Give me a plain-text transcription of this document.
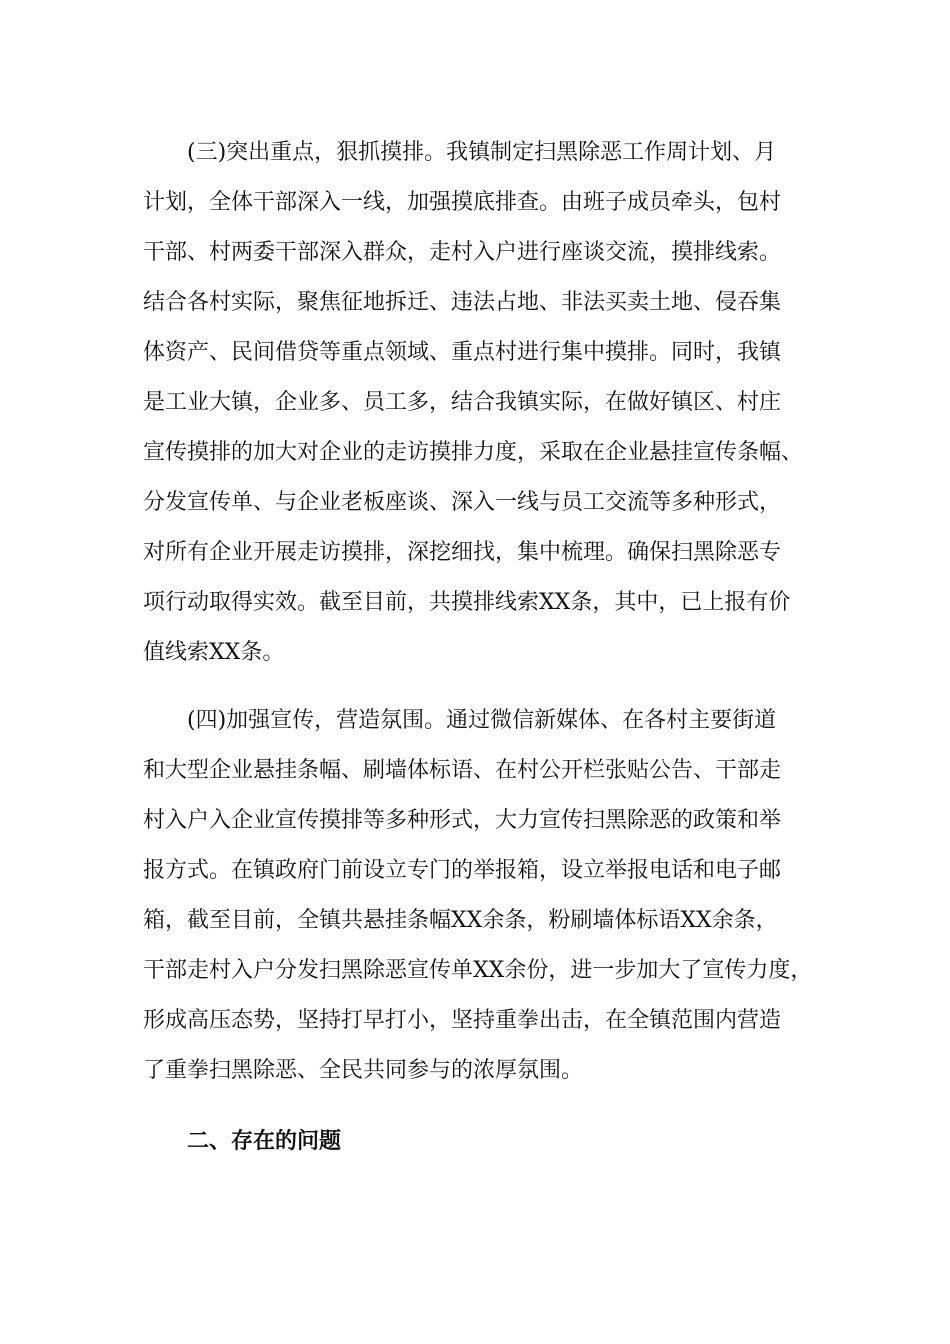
(三)突出重点，狠抓摸排。我镇制定扫黑除恶工作周计划、月
计划，全体干部深入一线，加强摸底排查。由班子成员牵头，包村
干部、村两委干部深入群众，走村入户进行座谈交流，摸排线索。
结合各村实际，聚焦征地拆迁、违法占地、非法买卖土地、侵吞集
体资产、民间借贷等重点领域、重点村进行集中摸排。同时，我镇
是工业大镇，企业多、员工多，结合我镇实际，在做好镇区、村庄
宣传摸排的加大对企业的走访摸排力度，采取在企业悬挂宣传条幅、
分发宣传单、与企业老板座谈、深入一线与员工交流等多种形式，
对所有企业开展走访摸排，深挖细找，集中梳理。确保扫黑除恶专
项行动取得实效。截至目前，共摸排线索XX条，其中，已上报有价
值线索XX条。
(四)加强宣传，营造氛围。通过微信新媒体、在各村主要街道
和大型企业悬挂条幅、刷墙体标语、在村公开栏张贴公告、干部走
村入户入企业宣传摸排等多种形式，大力宣传扫黑除恶的政策和举
报方式。在镇政府门前设立专门的举报箱，设立举报电话和电子邮
箱，截至目前，全镇共悬挂条幅XX余条，粉刷墙体标语XX余条，
干部走村入户分发扫黑除恶宣传单XX余份，进一步加大了宣传力度，
形成高压态势，坚持打早打小，坚持重拳出击，在全镇范围内营造
了重拳扫黑除恶、全民共同参与的浓厚氛围。
二、存在的问题
